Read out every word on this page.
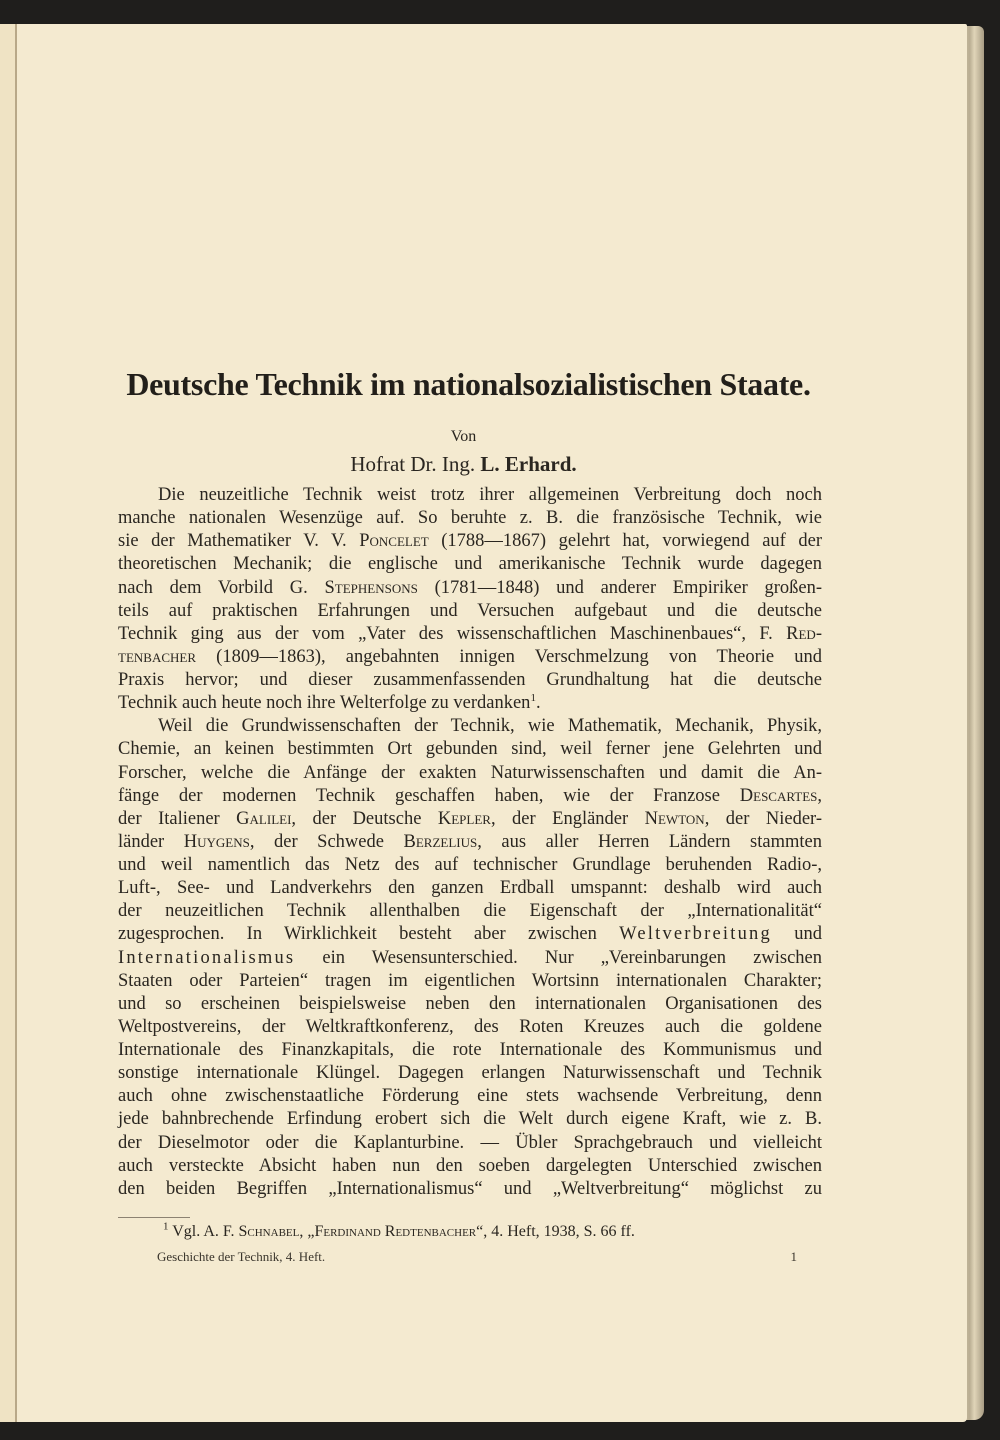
Deutsche Technik im nationalsozialistischen Staate.
Von
Hofrat Dr. Ing. L. Erhard.
Die neuzeitliche Technik weist trotz ihrer allgemeinen Verbreitung doch noch
manche nationalen Wesenzüge auf. So beruhte z. B. die französische Technik, wie
sie der Mathematiker V. V. Poncelet (1788—1867) gelehrt hat, vorwiegend auf der
theoretischen Mechanik; die englische und amerikanische Technik wurde dagegen
nach dem Vorbild G. Stephensons (1781—1848) und anderer Empiriker großen-
teils auf praktischen Erfahrungen und Versuchen aufgebaut und die deutsche
Technik ging aus der vom „Vater des wissenschaftlichen Maschinenbaues“, F. Red-
tenbacher (1809—1863), angebahnten innigen Verschmelzung von Theorie und
Praxis hervor; und dieser zusammenfassenden Grundhaltung hat die deutsche
Technik auch heute noch ihre Welterfolge zu verdanken$^1$.
Weil die Grundwissenschaften der Technik, wie Mathematik, Mechanik, Physik,
Chemie, an keinen bestimmten Ort gebunden sind, weil ferner jene Gelehrten und
Forscher, welche die Anfänge der exakten Naturwissenschaften und damit die An-
fänge der modernen Technik geschaffen haben, wie der Franzose Descartes,
der Italiener Galilei, der Deutsche Kepler, der Engländer Newton, der Nieder-
länder Huygens, der Schwede Berzelius, aus aller Herren Ländern stammten
und weil namentlich das Netz des auf technischer Grundlage beruhenden Radio-,
Luft-, See- und Landverkehrs den ganzen Erdball umspannt: deshalb wird auch
der neuzeitlichen Technik allenthalben die Eigenschaft der „Internationalität“
zugesprochen. In Wirklichkeit besteht aber zwischen Weltverbreitung und
Internationalismus ein Wesensunterschied. Nur „Vereinbarungen zwischen
Staaten oder Parteien“ tragen im eigentlichen Wortsinn internationalen Charakter;
und so erscheinen beispielsweise neben den internationalen Organisationen des
Weltpostvereins, der Weltkraftkonferenz, des Roten Kreuzes auch die goldene
Internationale des Finanzkapitals, die rote Internationale des Kommunismus und
sonstige internationale Klüngel. Dagegen erlangen Naturwissenschaft und Technik
auch ohne zwischenstaatliche Förderung eine stets wachsende Verbreitung, denn
jede bahnbrechende Erfindung erobert sich die Welt durch eigene Kraft, wie z. B.
der Dieselmotor oder die Kaplanturbine. — Übler Sprachgebrauch und vielleicht
auch versteckte Absicht haben nun den soeben dargelegten Unterschied zwischen
den beiden Begriffen „Internationalismus“ und „Weltverbreitung“ möglichst zu
$^1$ Vgl. A. F. Schnabel, „Ferdinand Redtenbacher“, 4. Heft, 1938, S. 66 ff.
Geschichte der Technik, 4. Heft.	1
